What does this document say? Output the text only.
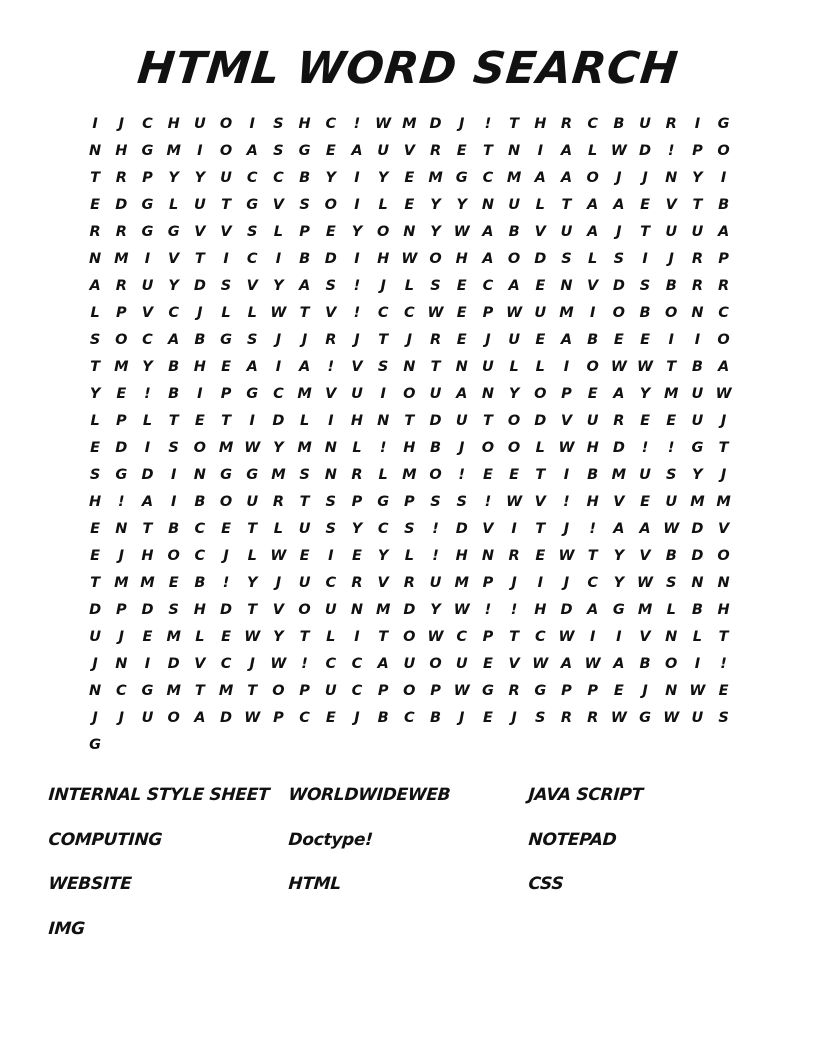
HTML WORD SEARCH
I	J	C	H U O	I	S	H	C	!	W M D	J	!	T	H	R	C	B	U	R	I	G
N H G M	I	O A	S	G	E	A	U	V	R	E	T	N	I	A	L W D	!	P	O
T	R	P	Y	Y	U	C	C	B	Y	I	Y	E M G	C M A	A O	J	J	N	Y	I
E	D G	L	U	T	G	V	S	O	I	L	E	Y	Y	N U	L	T	A	A	E	V	T	B
R	R	G G	V	V	S	L	P	E	Y	O N	Y W A	B	V	U	A	J	T	U U	A
N M	I	V	T	I	C	I	B	D	I	H W O H	A O D	S	L	S	I	J	R	P
A	R	U	Y	D	S	V	Y	A	S	!	J	L	S	E	C	A	E	N	V	D	S	B	R	R
L	P	V	C	J	L	L W T	V	!	C	C W E	P W U M	I	O	B O N	C
S	O	C	A	B	G	S	J	J	R	J	T	J	R	E	J	U	E	A	B	E	E	I	I	O
T M Y	B	H	E	A	I	A	!	V	S	N	T	N U	L	L	I	O W W T	B	A
Y	E	!	B	I	P	G	C M V	U	I	O U	A	N	Y	O	P	E	A	Y M U W
L	P	L	T	E	T	I	D	L	I	H N	T	D U	T	O D	V	U	R	E	E	U	J
E	D	I	S	O M W Y M N	L	!	H	B	J	O O	L W H D	!	!	G	T
S	G D	I	N G G M S	N	R	L M O	!	E	E	T	I	B M U	S	Y	J
H	!	A	I	B O U	R	T	S	P	G	P	S	S	!	W V	!	H	V	E	U M M
E	N	T	B	C	E	T	L	U	S	Y	C	S	!	D	V	I	T	J	!	A	A W D	V
E	J	H O	C	J	L W E	I	E	Y	L	!	H N	R	E W T	Y	V	B	D O
T M M E	B	!	Y	J	U	C	R	V	R	U M P	J	I	J	C	Y W S	N N
D	P	D	S	H D	T	V O U N M D	Y W	!	!	H D	A	G M L	B	H
U	J	E M L	E W Y	T	L	I	T	O W C	P	T	C W	I	I	V	N	L	T
J	N	I	D	V	C	J	W	!	C	C	A	U O U	E	V W A W A	B O	I	!
N	C	G M T M T	O	P	U	C	P	O	P W G	R	G	P	P	E	J	N W E
J	J	U O A	D W P	C	E	J	B	C	B	J	E	J	S	R	R W G W U	S
G
INTERNAL STYLE SHEET	WORLDWIDEWEB	JAVA SCRIPT
COMPUTING	Doctype!	NOTEPAD
WEBSITE	HTML	CSS
IMG
